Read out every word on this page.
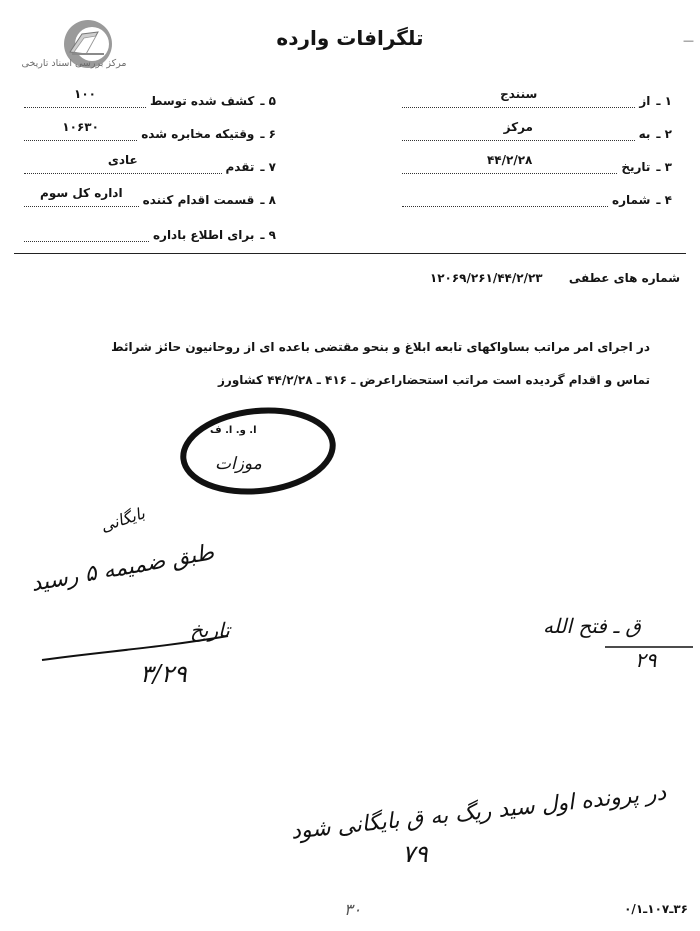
مرکز بررسی اسناد تاریخی
تلگرافات وارده	—
۱ ـ
از
سنندج
۲ ـ
به
مرکز
۳ ـ
تاریخ
۴۴/۲/۲۸
۴ ـ
شماره
۵ ـ
کشف شده توسط
۱۰۰
۶ ـ
وقتیکه مخابره شده
۱۰۶۳۰
۷ ـ
تقدم
عادی
۸ ـ
قسمت اقدام کننده
اداره کل سوم
۹ ـ
برای اطلاع باداره
شماره های عطفی ۱۲۰۶۹/۲۶۱/۴۴/۲/۲۳
در اجرای امر مراتب بساواکهای تابعه ابلاغ و بنحو مقتضی باعده ای از روحانیون حائز شرائط
تماس و اقدام گردیده است مراتب استحضارا‌عرض ـ ۴۱۶ ـ ۴۴/۲/۲۸ کشاورز
ا. و. ا. ف
موزات
بایگانی
طبق ضمیمه ۵ رسید
تاریخ
۳/۲۹
ق ـ فتح الله
۲۹
در پرونده اول سید ریگ به ق بایگانی شود
۷۹
۳۰	۳۶ـ۱۰۷ـ۰/۱
